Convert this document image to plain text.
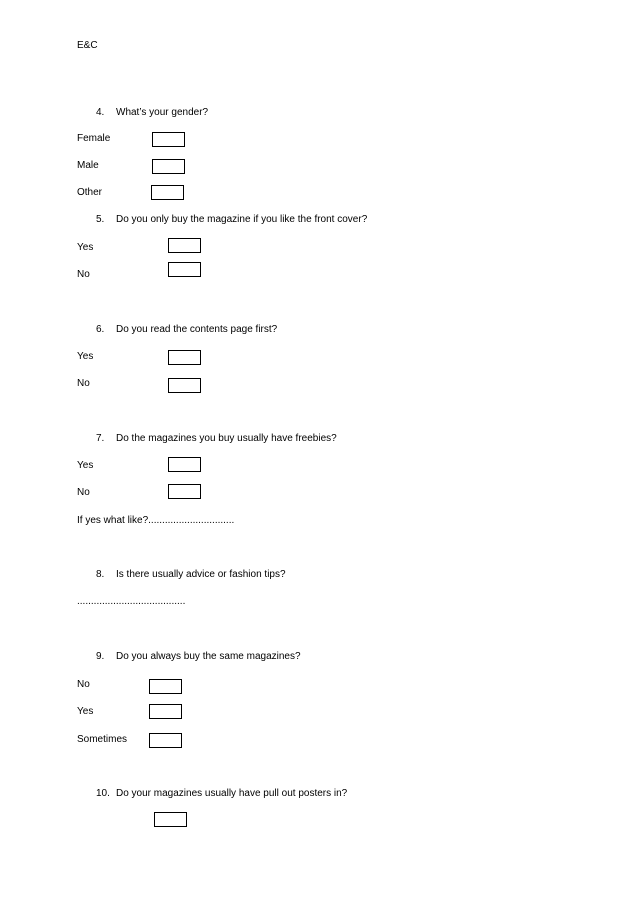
E&C
4. What’s your gender?
Female
Male
Other
5. Do you only buy the magazine if you like the front cover?
Yes
No
6. Do you read the contents page first?
Yes
No
7. Do the magazines you buy usually have freebies?
Yes
No
If yes what like?...............................
8. Is there usually advice or fashion tips?
.......................................
9. Do you always buy the same magazines?
No
Yes
Sometimes
10. Do your magazines usually have pull out posters in?
